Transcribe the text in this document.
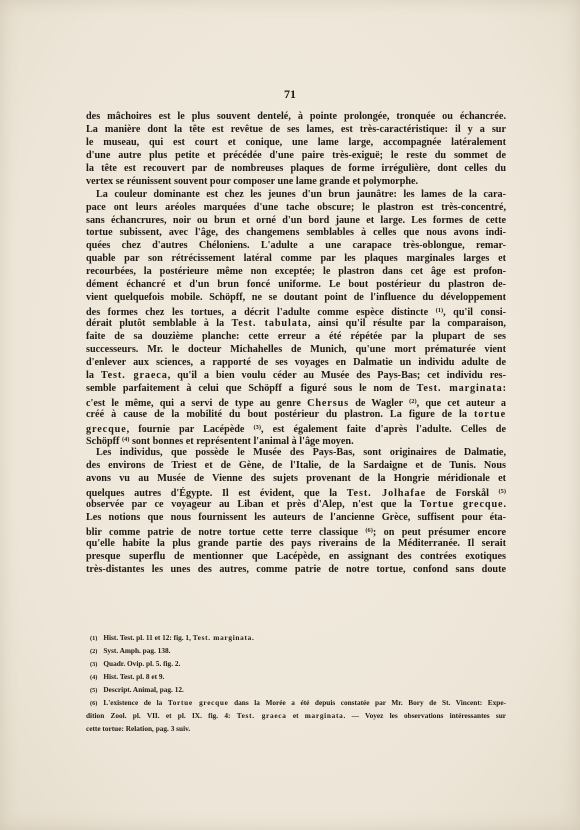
71
des mâchoires est le plus souvent dentelé, à pointe prolongée, tronquée ou échancrée.
La manière dont la tête est revêtue de ses lames, est très-caractéristique: il y a sur
le museau, qui est court et conique, une lame large, accompagnée latéralement
d'une autre plus petite et précédée d'une paire très-exiguë; le reste du sommet de
la tête est recouvert par de nombreuses plaques de forme irrégulière, dont celles du
vertex se réunissent souvent pour composer une lame grande et polymorphe.
La couleur dominante est chez les jeunes d'un brun jaunâtre: les lames de la cara-
pace ont leurs aréoles marquées d'une tache obscure; le plastron est très-concentré,
sans échancrures, noir ou brun et orné d'un bord jaune et large. Les formes de cette
tortue subissent, avec l'âge, des changemens semblables à celles que nous avons indi-
quées chez d'autres Chéloniens. L'adulte a une carapace très-oblongue, remar-
quable par son rétrécissement latéral comme par les plaques marginales larges et
recourbées, la postérieure même non exceptée; le plastron dans cet âge est profon-
dément échancré et d'un brun foncé uniforme. Le bout postérieur du plastron de-
vient quelquefois mobile. Schöpff, ne se doutant point de l'influence du développement
des formes chez les tortues, a décrit l'adulte comme espèce distincte $^{(1)}$, qu'il consi-
dérait plutôt semblable à la Test. tabulata, ainsi qu'il résulte par la comparaison,
faite de sa douzième planche: cette erreur a été répétée par la plupart de ses
successeurs. Mr. le docteur Michahelles de Munich, qu'une mort prématurée vient
d'enlever aux sciences, a rapporté de ses voyages en Dalmatie un individu adulte de
la Test. graeca, qu'il a bien voulu céder au Musée des Pays-Bas; cet individu res-
semble parfaitement à celui que Schöpff a figuré sous le nom de Test. marginata:
c'est le même, qui a servi de type au genre Chersus de Wagler $^{(2)}$, que cet auteur a
créé à cause de la mobilité du bout postérieur du plastron. La figure de la tortue
grecque, fournie par Lacépède $^{(3)}$, est également faite d'après l'adulte. Celles de
Schöpff $^{(4)}$ sont bonnes et représentent l'animal à l'âge moyen.
Les individus, que possède le Musée des Pays-Bas, sont originaires de Dalmatie,
des environs de Triest et de Gène, de l'Italie, de la Sardaigne et de Tunis. Nous
avons vu au Musée de Vienne des sujets provenant de la Hongrie méridionale et
quelques autres d'Égypte. Il est évident, que la Test. Jolhafae de Forskål $^{(5)}$
observée par ce voyageur au Liban et près d'Alep, n'est que la Tortue grecque.
Les notions que nous fournissent les auteurs de l'ancienne Grèce, suffisent pour éta-
blir comme patrie de notre tortue cette terre classique $^{(6)}$; on peut présumer encore
qu'elle habite la plus grande partie des pays riverains de la Méditerranée. Il serait
presque superflu de mentionner que Lacépède, en assignant des contrées exotiques
très-distantes les unes des autres, comme patrie de notre tortue, confond sans doute
(1) Hist. Test. pl. 11 et 12: fig. 1, Test. marginata.
(2) Syst. Amph. pag. 138.
(3) Quadr. Ovip. pl. 5. fig. 2.
(4) Hist. Test. pl. 8 et 9.
(5) Descript. Animal, pag. 12.
(6) L'existence de la Tortue grecque dans la Morée a été depuis constatée par Mr. Bory de St. Vincent: Expe-
dition Zool. pl. VII. et pl. IX. fig. 4: Test. graeca et marginata. — Voyez les observations intéressantes sur
cette tortue: Relation, pag. 3 suiv.
